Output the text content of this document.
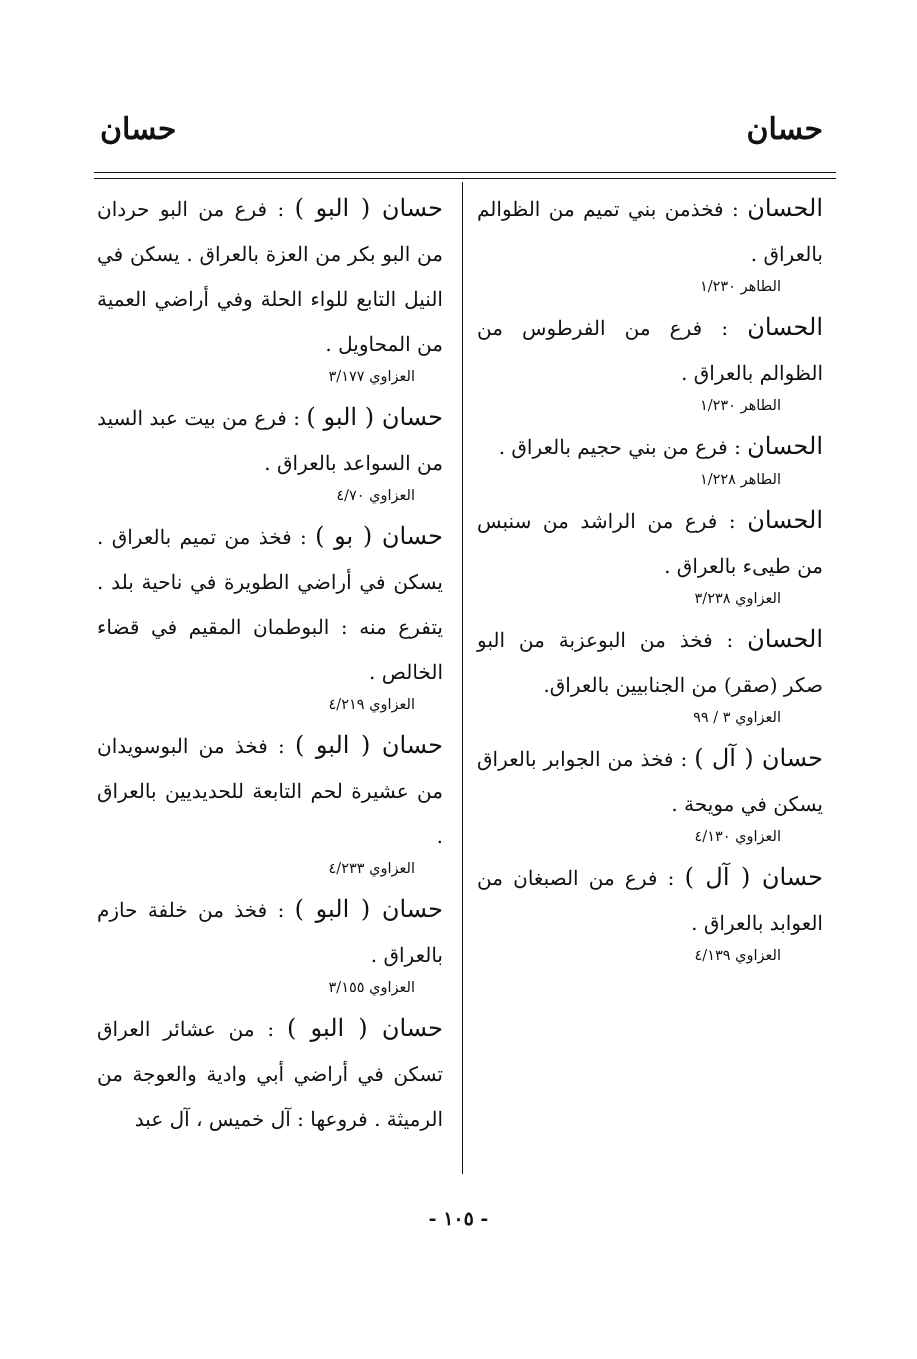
حسان
حسان
الحسان : فخذمن بني تميم من الظوالم بالعراق .
الطاهر ١/٢٣٠
الحسان : فرع من الفرطوس من الظوالم بالعراق .
الطاهر ١/٢٣٠
الحسان : فرع من بني حجيم بالعراق .
الطاهر ١/٢٢٨
الحسان : فرع من الراشد من سنبس من طيىء بالعراق .
العزاوي ٣/٢٣٨
الحسان : فخذ من البوعزبة من البو صكر (صقر) من الجنابيين بالعراق.
العزاوي ٣ / ٩٩
حسان ( آل ) : فخذ من الجوابر بالعراق يسكن في مويحة .
العزاوي ٤/١٣٠
حسان ( آل ) : فرع من الصبغان من العوابد بالعراق .
العزاوي ٤/١٣٩
حسان ( البو ) : فرع من البو حردان من البو بكر من العزة بالعراق . يسكن في النيل التابع للواء الحلة وفي أراضي العمية من المحاويل .
العزاوي ٣/١٧٧
حسان ( البو ) : فرع من بيت عبد السيد من السواعد بالعراق .
العزاوي ٤/٧٠
حسان ( بو ) : فخذ من تميم بالعراق . يسكن في أراضي الطويرة في ناحية بلد . يتفرع منه : البوطمان المقيم في قضاء الخالص .
العزاوي ٤/٢١٩
حسان ( البو ) : فخذ من البوسويدان من عشيرة لحم التابعة للحديديين بالعراق .
العزاوي ٤/٢٣٣
حسان ( البو ) : فخذ من خلفة حازم بالعراق .
العزاوي ٣/١٥٥
حسان ( البو ) : من عشائر العراق تسكن في أراضي أبي وادية والعوجة من الرميثة . فروعها : آل خميس ، آل عبد
- ١٠٥ -
